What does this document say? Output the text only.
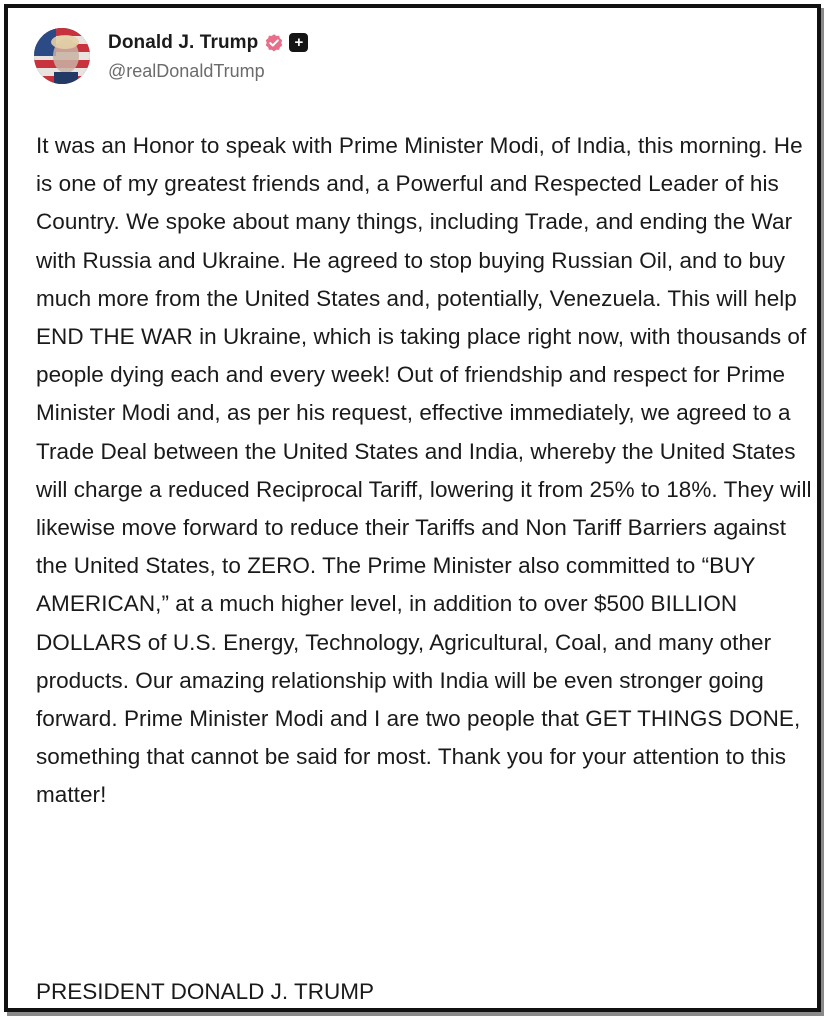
Donald J. Trump	+
@realDonaldTrump
It was an Honor to speak with Prime Minister Modi, of India, this morning. He is one of my greatest friends and, a Powerful and Respected Leader of his Country. We spoke about many things, including Trade, and ending the War with Russia and Ukraine. He agreed to stop buying Russian Oil, and to buy much more from the United States and, potentially, Venezuela. This will help END THE WAR in Ukraine, which is taking place right now, with thousands of people dying each and every week! Out of friendship and respect for Prime Minister Modi and, as per his request, effective immediately, we agreed to a Trade Deal between the United States and India, whereby the United States will charge a reduced Reciprocal Tariff, lowering it from 25% to 18%. They will likewise move forward to reduce their Tariffs and Non Tariff Barriers against the United States, to ZERO. The Prime Minister also committed to “BUY AMERICAN,” at a much higher level, in addition to over $500 BILLION DOLLARS of U.S. Energy, Technology, Agricultural, Coal, and many other products. Our amazing relationship with India will be even stronger going forward. Prime Minister Modi and I are two people that GET THINGS DONE, something that cannot be said for most. Thank you for your attention to this matter!
PRESIDENT DONALD J. TRUMP
